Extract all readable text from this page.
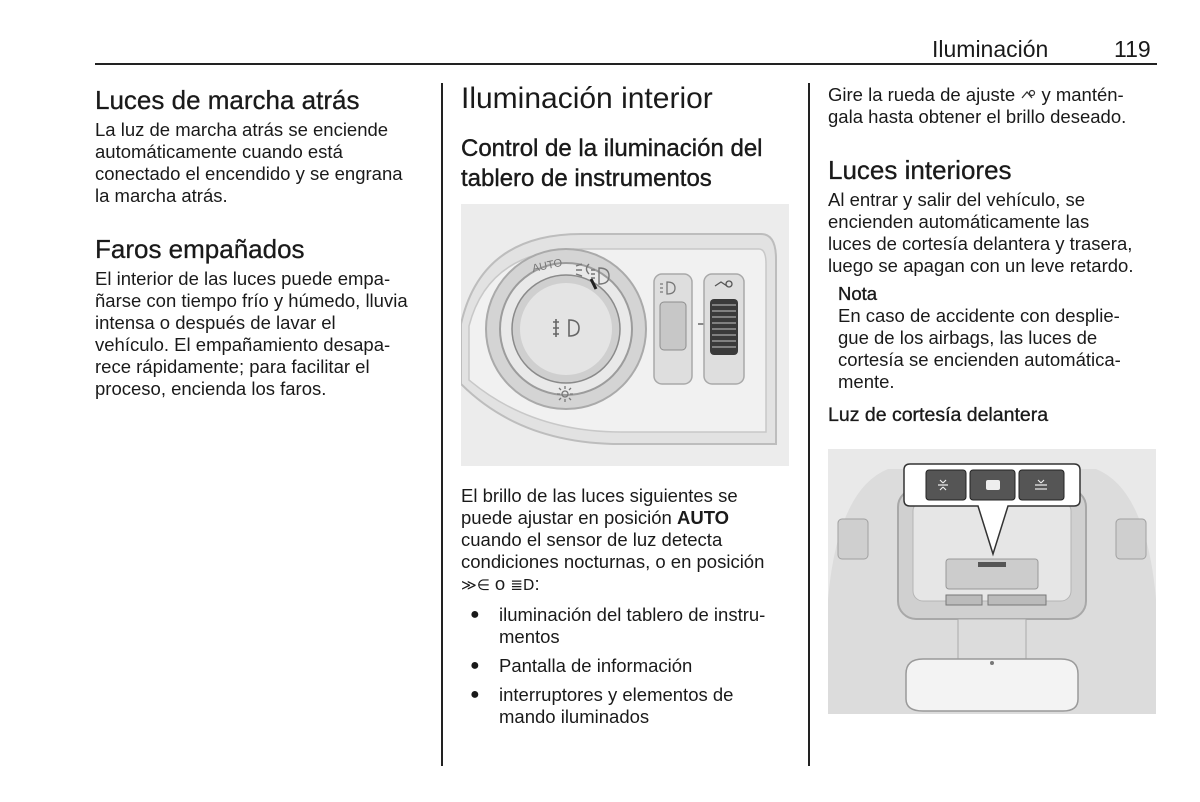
Iluminación	119
Luces de marcha atrás
La luz de marcha atrás se enciende
automáticamente cuando está
conectado el encendido y se engrana
la marcha atrás.
Faros empañados
El interior de las luces puede empa‐
ñarse con tiempo frío y húmedo, lluvia
intensa o después de lavar el
vehículo. El empañamiento desapa‐
rece rápidamente; para facilitar el
proceso, encienda los faros.
Iluminación interior
Control de la iluminación del
tablero de instrumentos
AUTO
El brillo de las luces siguientes se
puede ajustar en posición AUTO
cuando el sensor de luz detecta
condiciones nocturnas, o en posición
≫∈ o ≣D:
● iluminación del tablero de instru‐
mentos
● Pantalla de información
● interruptores y elementos de
mando iluminados
Gire la rueda de ajuste y mantén‐
gala hasta obtener el brillo deseado.
Luces interiores
Al entrar y salir del vehículo, se
encienden automáticamente las
luces de cortesía delantera y trasera,
luego se apagan con un leve retardo.
Nota
En caso de accidente con desplie‐
gue de los airbags, las luces de
cortesía se encienden automática‐
mente.
Luz de cortesía delantera
